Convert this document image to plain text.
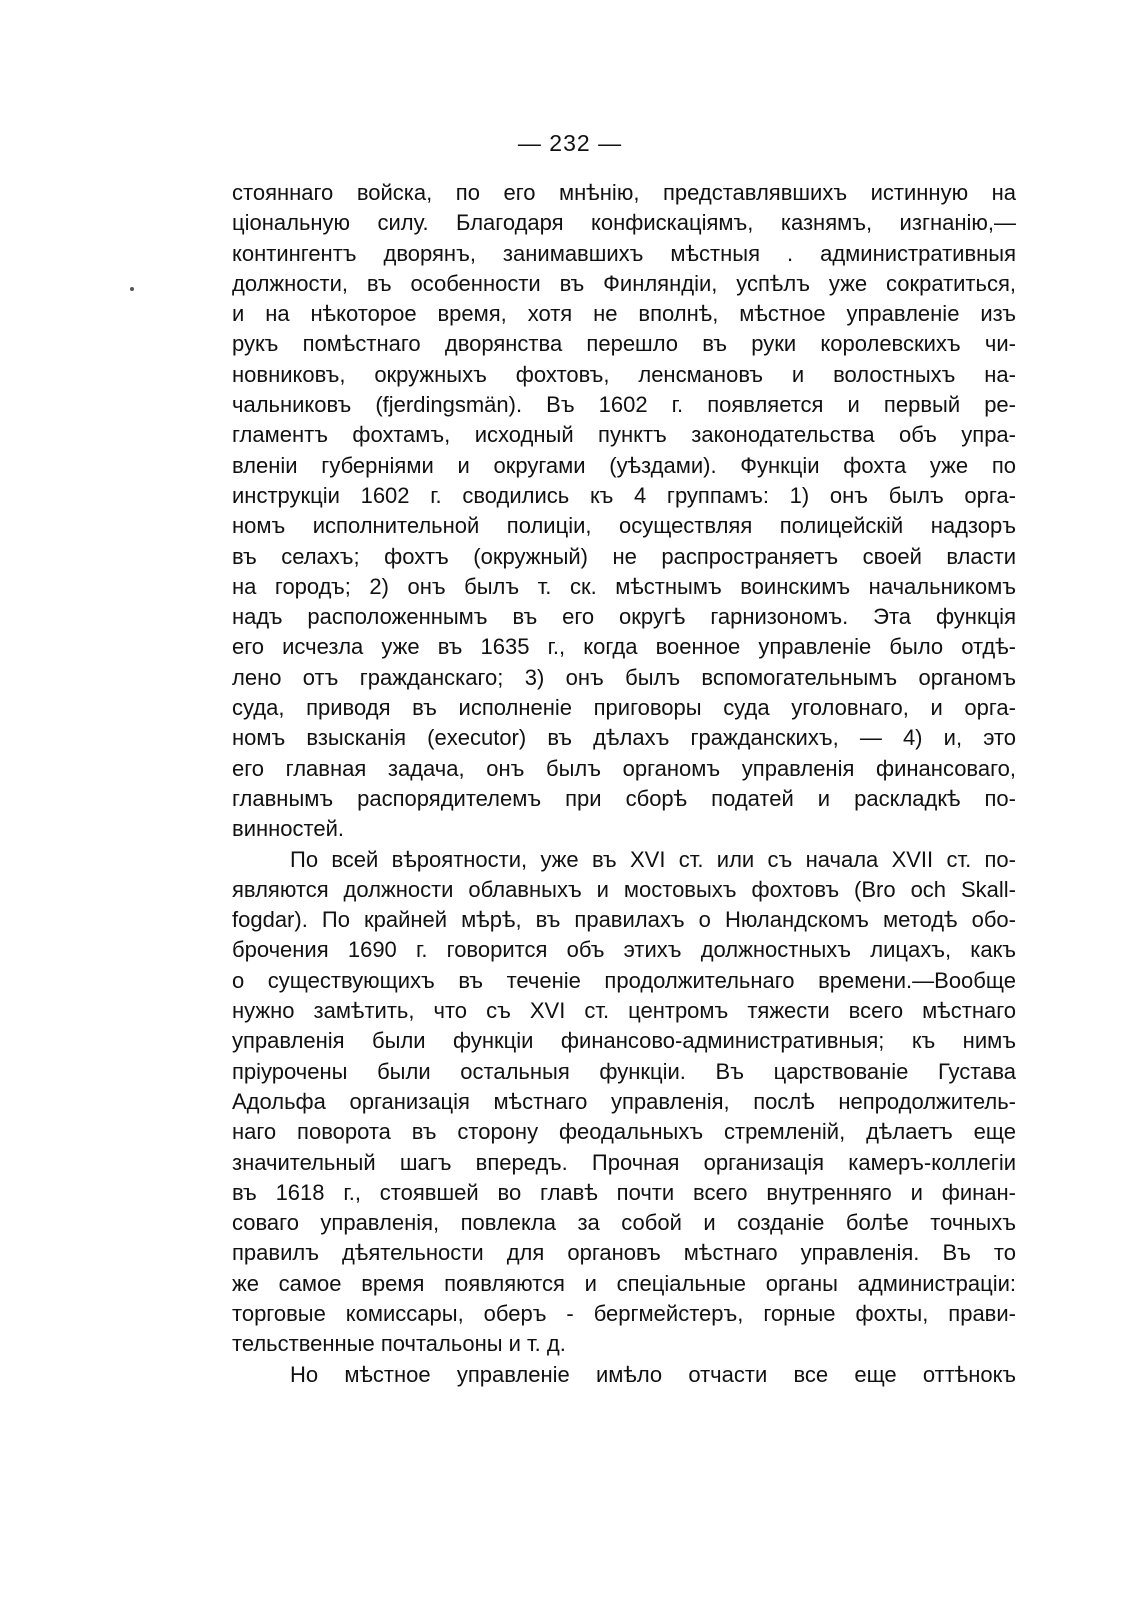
— 232 —
стояннаго войска, по его мнѣнію, представлявшихъ истинную на
ціональную силу. Благодаря конфискаціямъ, казнямъ, изгнанію,—
контингентъ дворянъ, занимавшихъ мѣстныя . административныя
должности, въ особенности въ Финляндіи, успѣлъ уже сократиться,
и на нѣкоторое время, хотя не вполнѣ, мѣстное управленіе изъ
рукъ помѣстнаго дворянства перешло въ руки королевскихъ чи-
новниковъ, окружныхъ фохтовъ, ленсмановъ и волостныхъ на-
чальниковъ (fjerdingsmän). Въ 1602 г. появляется и первый ре-
гламентъ фохтамъ, исходный пунктъ законодательства объ упра-
вленіи губерніями и округами (уѣздами). Функціи фохта уже по
инструкціи 1602 г. сводились къ 4 группамъ: 1) онъ былъ орга-
номъ исполнительной полиціи, осуществляя полицейскій надзоръ
въ селахъ; фохтъ (окружный) не распространяетъ своей власти
на городъ; 2) онъ былъ т. ск. мѣстнымъ воинскимъ начальникомъ
надъ расположеннымъ въ его округѣ гарнизономъ. Эта функція
его исчезла уже въ 1635 г., когда военное управленіе было отдѣ-
лено отъ гражданскаго; 3) онъ былъ вспомогательнымъ органомъ
суда, приводя въ исполненіе приговоры суда уголовнаго, и орга-
номъ взысканія (executor) въ дѣлахъ гражданскихъ, — 4) и, это
его главная задача, онъ былъ органомъ управленія финансоваго,
главнымъ распорядителемъ при сборѣ податей и раскладкѣ по-
винностей.
По всей вѣроятности, уже въ XVI ст. или съ начала XVII ст. по-
являются должности облавныхъ и мостовыхъ фохтовъ (Bro och Skall-
fogdar). По крайней мѣрѣ, въ правилахъ о Нюландскомъ методѣ обо-
брочения 1690 г. говорится объ этихъ должностныхъ лицахъ, какъ
о существующихъ въ теченіе продолжительнаго времени.—Вообще
нужно замѣтить, что съ XVI ст. центромъ тяжести всего мѣстнаго
управленія были функціи финансово-административныя; къ нимъ
пріурочены были остальныя функціи. Въ царствованіе Густава
Адольфа организація мѣстнаго управленія, послѣ непродолжитель-
наго поворота въ сторону феодальныхъ стремленій, дѣлаетъ еще
значительный шагъ впередъ. Прочная организація камеръ-коллегіи
въ 1618 г., стоявшей во главѣ почти всего внутренняго и финан-
соваго управленія, повлекла за собой и созданіе болѣе точныхъ
правилъ дѣятельности для органовъ мѣстнаго управленія. Въ то
же самое время появляются и спеціальные органы администраціи:
торговые комиссары, оберъ - бергмейстеръ, горные фохты, прави-
тельственные почтальоны и т. д.
Но мѣстное управленіе имѣло отчасти все еще оттѣнокъ
